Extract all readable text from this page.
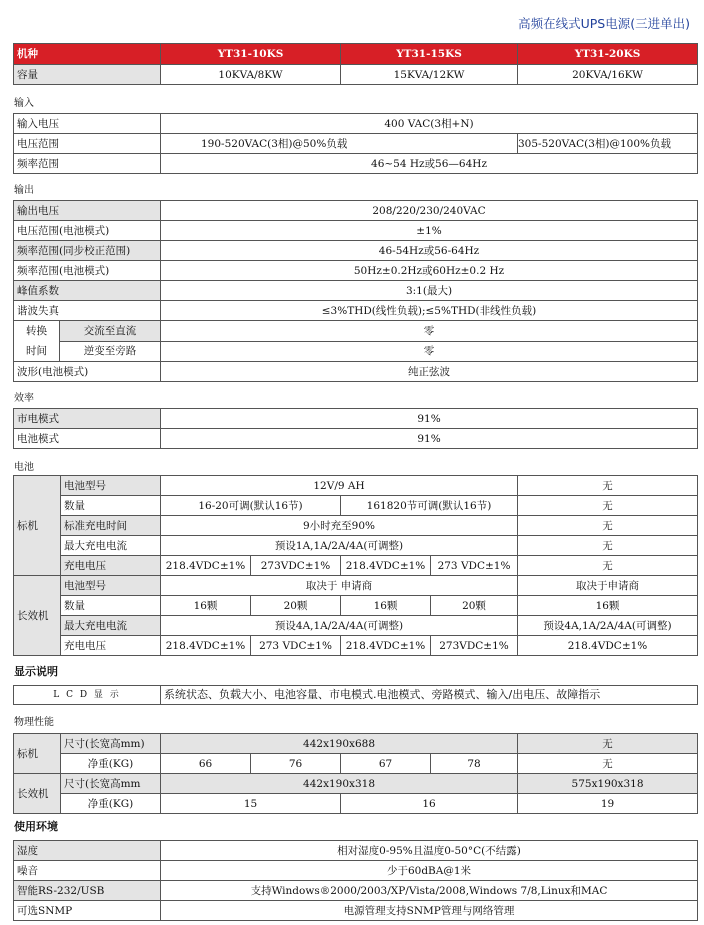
高频在线式UPS电源(三进单出)
机种	YT31-10KS	YT31-15KS	YT31-20KS
容量	10KVA/8KW	15KVA/12KW	20KVA/16KW
输入
输入电压	400 VAC(3相+N)	
电压范围	190-520VAC(3相)@50%负载	305-520VAC(3相)@100%负载
频率范围	46~54 Hz或56—64Hz	
输出
输出电压		208/220/230/240VAC
电压范围(电池模式)		±1%
频率范围(同步校正范围)		46-54Hz或56-64Hz
频率范围(电池模式)		50Hz±0.2Hz或60Hz±0.2 Hz
峰值系数		3:1(最大)
谐波失真		≤3%THD(线性负载);≤5%THD(非线性负载)

转换
时间	交流至直流	零
	逆变至旁路	零
波形(电池模式)		纯正弦波
效率
市电模式	91%
电池模式	91%
电池
标机	电池型号	12V/9 AH				无
	数量	16-20可调(默认16节)		161820节可调(默认16节)		无
	标准充电时间	9小时充至90%				无
	最大充电电流	预设1A,1A/2A/4A(可调整)				无
	充电电压	218.4VDC±1%	273VDC±1%	218.4VDC±1%	273 VDC±1%	无
长效机	电池型号	取决于 申请商				取决于申请商
	数量	16颗	20颗	16颗	20颗	16颗
	最大充电电流	预设4A,1A/2A/4A(可调整)				预设4A,1A/2A/4A(可调整)
	充电电压	218.4VDC±1%	273 VDC±1%	218.4VDC±1%	273VDC±1%	218.4VDC±1%
显示说明
L C D 显 示	系统状态、负载大小、电池容量、市电模式.电池模式、旁路模式、输入/出电压、故障指示
物理性能
标机	尺寸(长宽高mm)	442x190x688				无
	净重(KG)	66	76	67	78	无
长效机	尺寸(长宽高mm	442x190x318				575x190x318
	净重(KG)	15		16		19
使用环境
湿度	相对湿度0-95%且温度0-50°C(不结露)
噪音	少于60dBA@1米
智能RS-232/USB	支持Windows®2000/2003/XP/Vista/2008,Windows 7/8,Linux和MAC
可选SNMP	电源管理支持SNMP管理与网络管理
